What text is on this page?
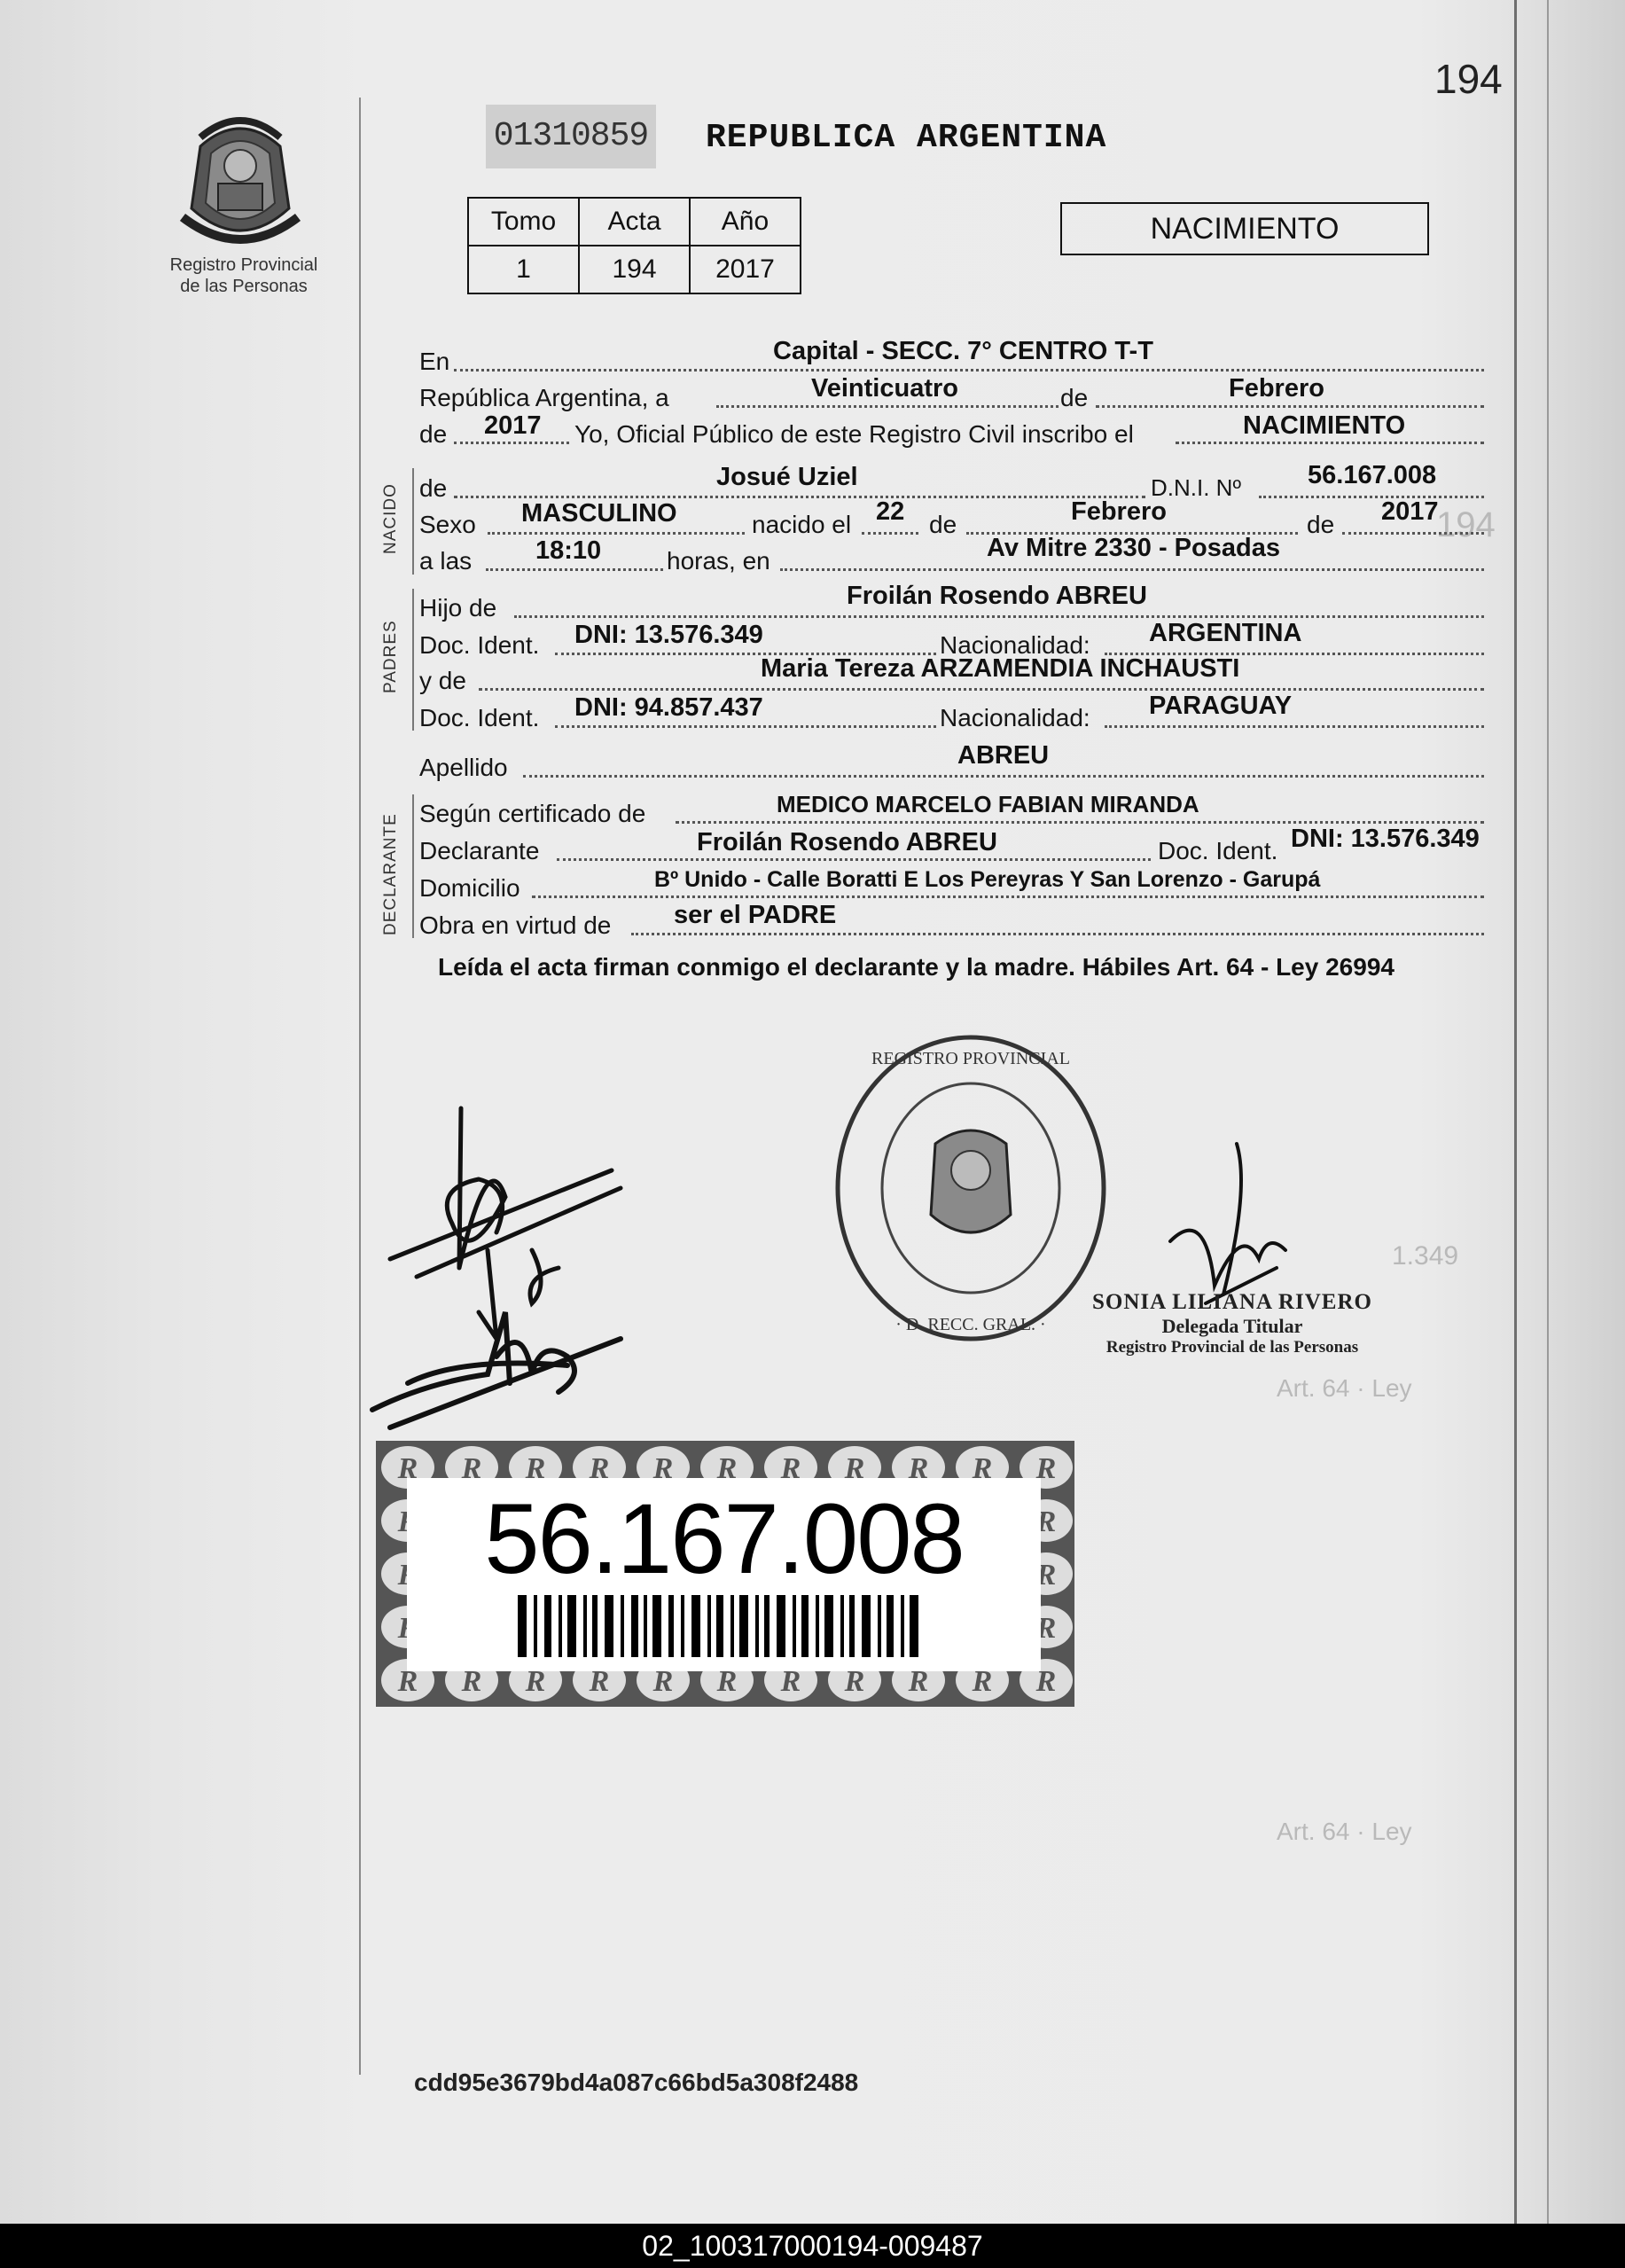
194
1.349
Art. 64 · Ley
Art. 64 · Ley
194
Registro Provincial
de las Personas
01310859 REPUBLICA ARGENTINA
Tomo	Acta	Año
1	194	2017
NACIMIENTO
En	Capital - SECC. 7° CENTRO T-T
República Argentina, a	Veinticuatro	de	Febrero
de 2017 Yo, Oficial Público de este Registro Civil inscribo el	NACIMIENTO
NACIDO de	Josué Uziel	D.N.I. Nº	56.167.008
Sexo MASCULINO	nacido el 22 de	Febrero	de 2017
a las 18:10	horas, en	Av Mitre 2330 - Posadas
PADRES
Hijo de	Froilán Rosendo ABREU
Doc. Ident. DNI: 13.576.349	Nacionalidad: ARGENTINA
y de	Maria Tereza ARZAMENDIA INCHAUSTI
Doc. Ident. DNI: 94.857.437	Nacionalidad: PARAGUAY
Apellido	ABREU
DECLARANTE Según certificado de	MEDICO MARCELO FABIAN MIRANDA
Declarante	Froilán Rosendo ABREU	Doc. Ident. DNI: 13.576.349
Domicilio	Bº Unido - Calle Boratti E Los Pereyras Y San Lorenzo - Garupá
Obra en virtud de ser el PADRE
Leída el acta firman conmigo el declarante y la madre. Hábiles Art. 64 - Ley 26994
REGISTRO PROVINCIAL
· D. RECC. GRAL. ·
SONIA LILIANA RIVERO
Delegada Titular
Registro Provincial de las Personas
56.167.008
cdd95e3679bd4a087c66bd5a308f2488
02_100317000194-009487
